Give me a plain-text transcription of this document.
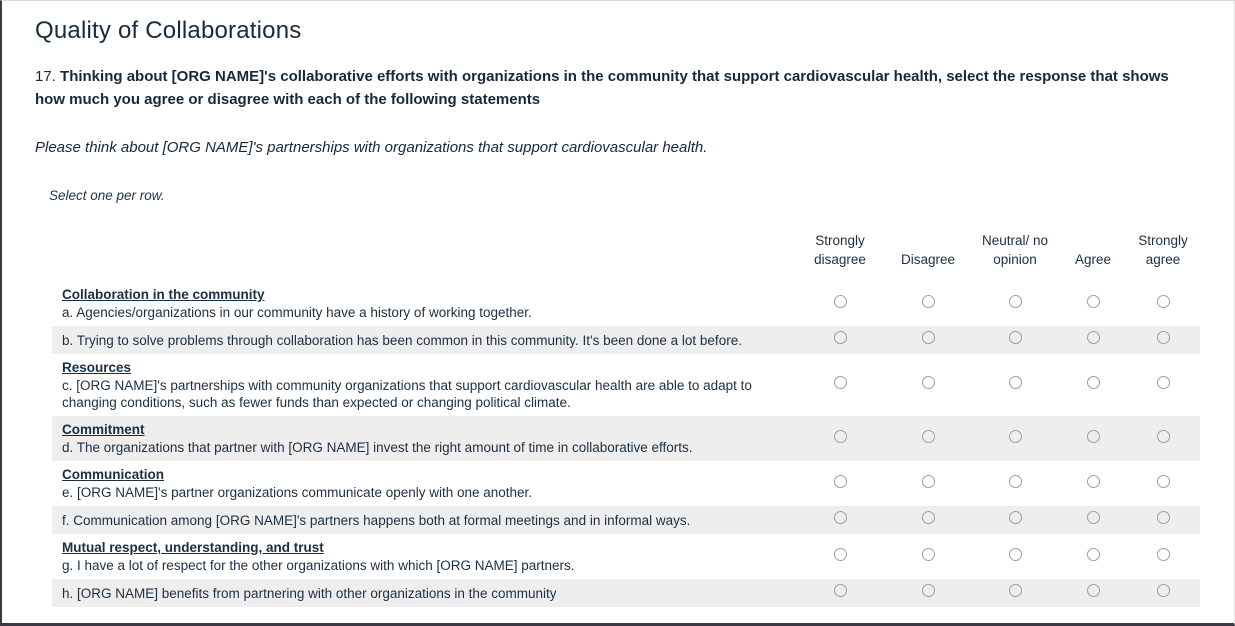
Quality of Collaborations

17. Thinking about [ORG NAME]'s collaborative efforts with organizations in the community that support cardiovascular health, select the response that shows how much you agree or disagree with each of the following statements

Please think about [ORG NAME]'s partnerships with organizations that support cardiovascular health.

Select one per row.

	Strongly disagree	Disagree	Neutral/ no opinion	Agree	Strongly agree

Collaboration in the community
a. Agencies/organizations in our community have a history of working together.					

b. Trying to solve problems through collaboration has been common in this community. It's been done a lot before.					

Resources
c. [ORG NAME]'s partnerships with community organizations that support cardiovascular health are able to adapt to changing conditions, such as fewer funds than expected or changing political climate.					

Commitment
d. The organizations that partner with [ORG NAME] invest the right amount of time in collaborative efforts.					

Communication
e. [ORG NAME]'s partner organizations communicate openly with one another.					

f. Communication among [ORG NAME]'s partners happens both at formal meetings and in informal ways.					

Mutual respect, understanding, and trust
g. I have a lot of respect for the other organizations with which [ORG NAME] partners.					

h. [ORG NAME] benefits from partnering with other organizations in the community					
